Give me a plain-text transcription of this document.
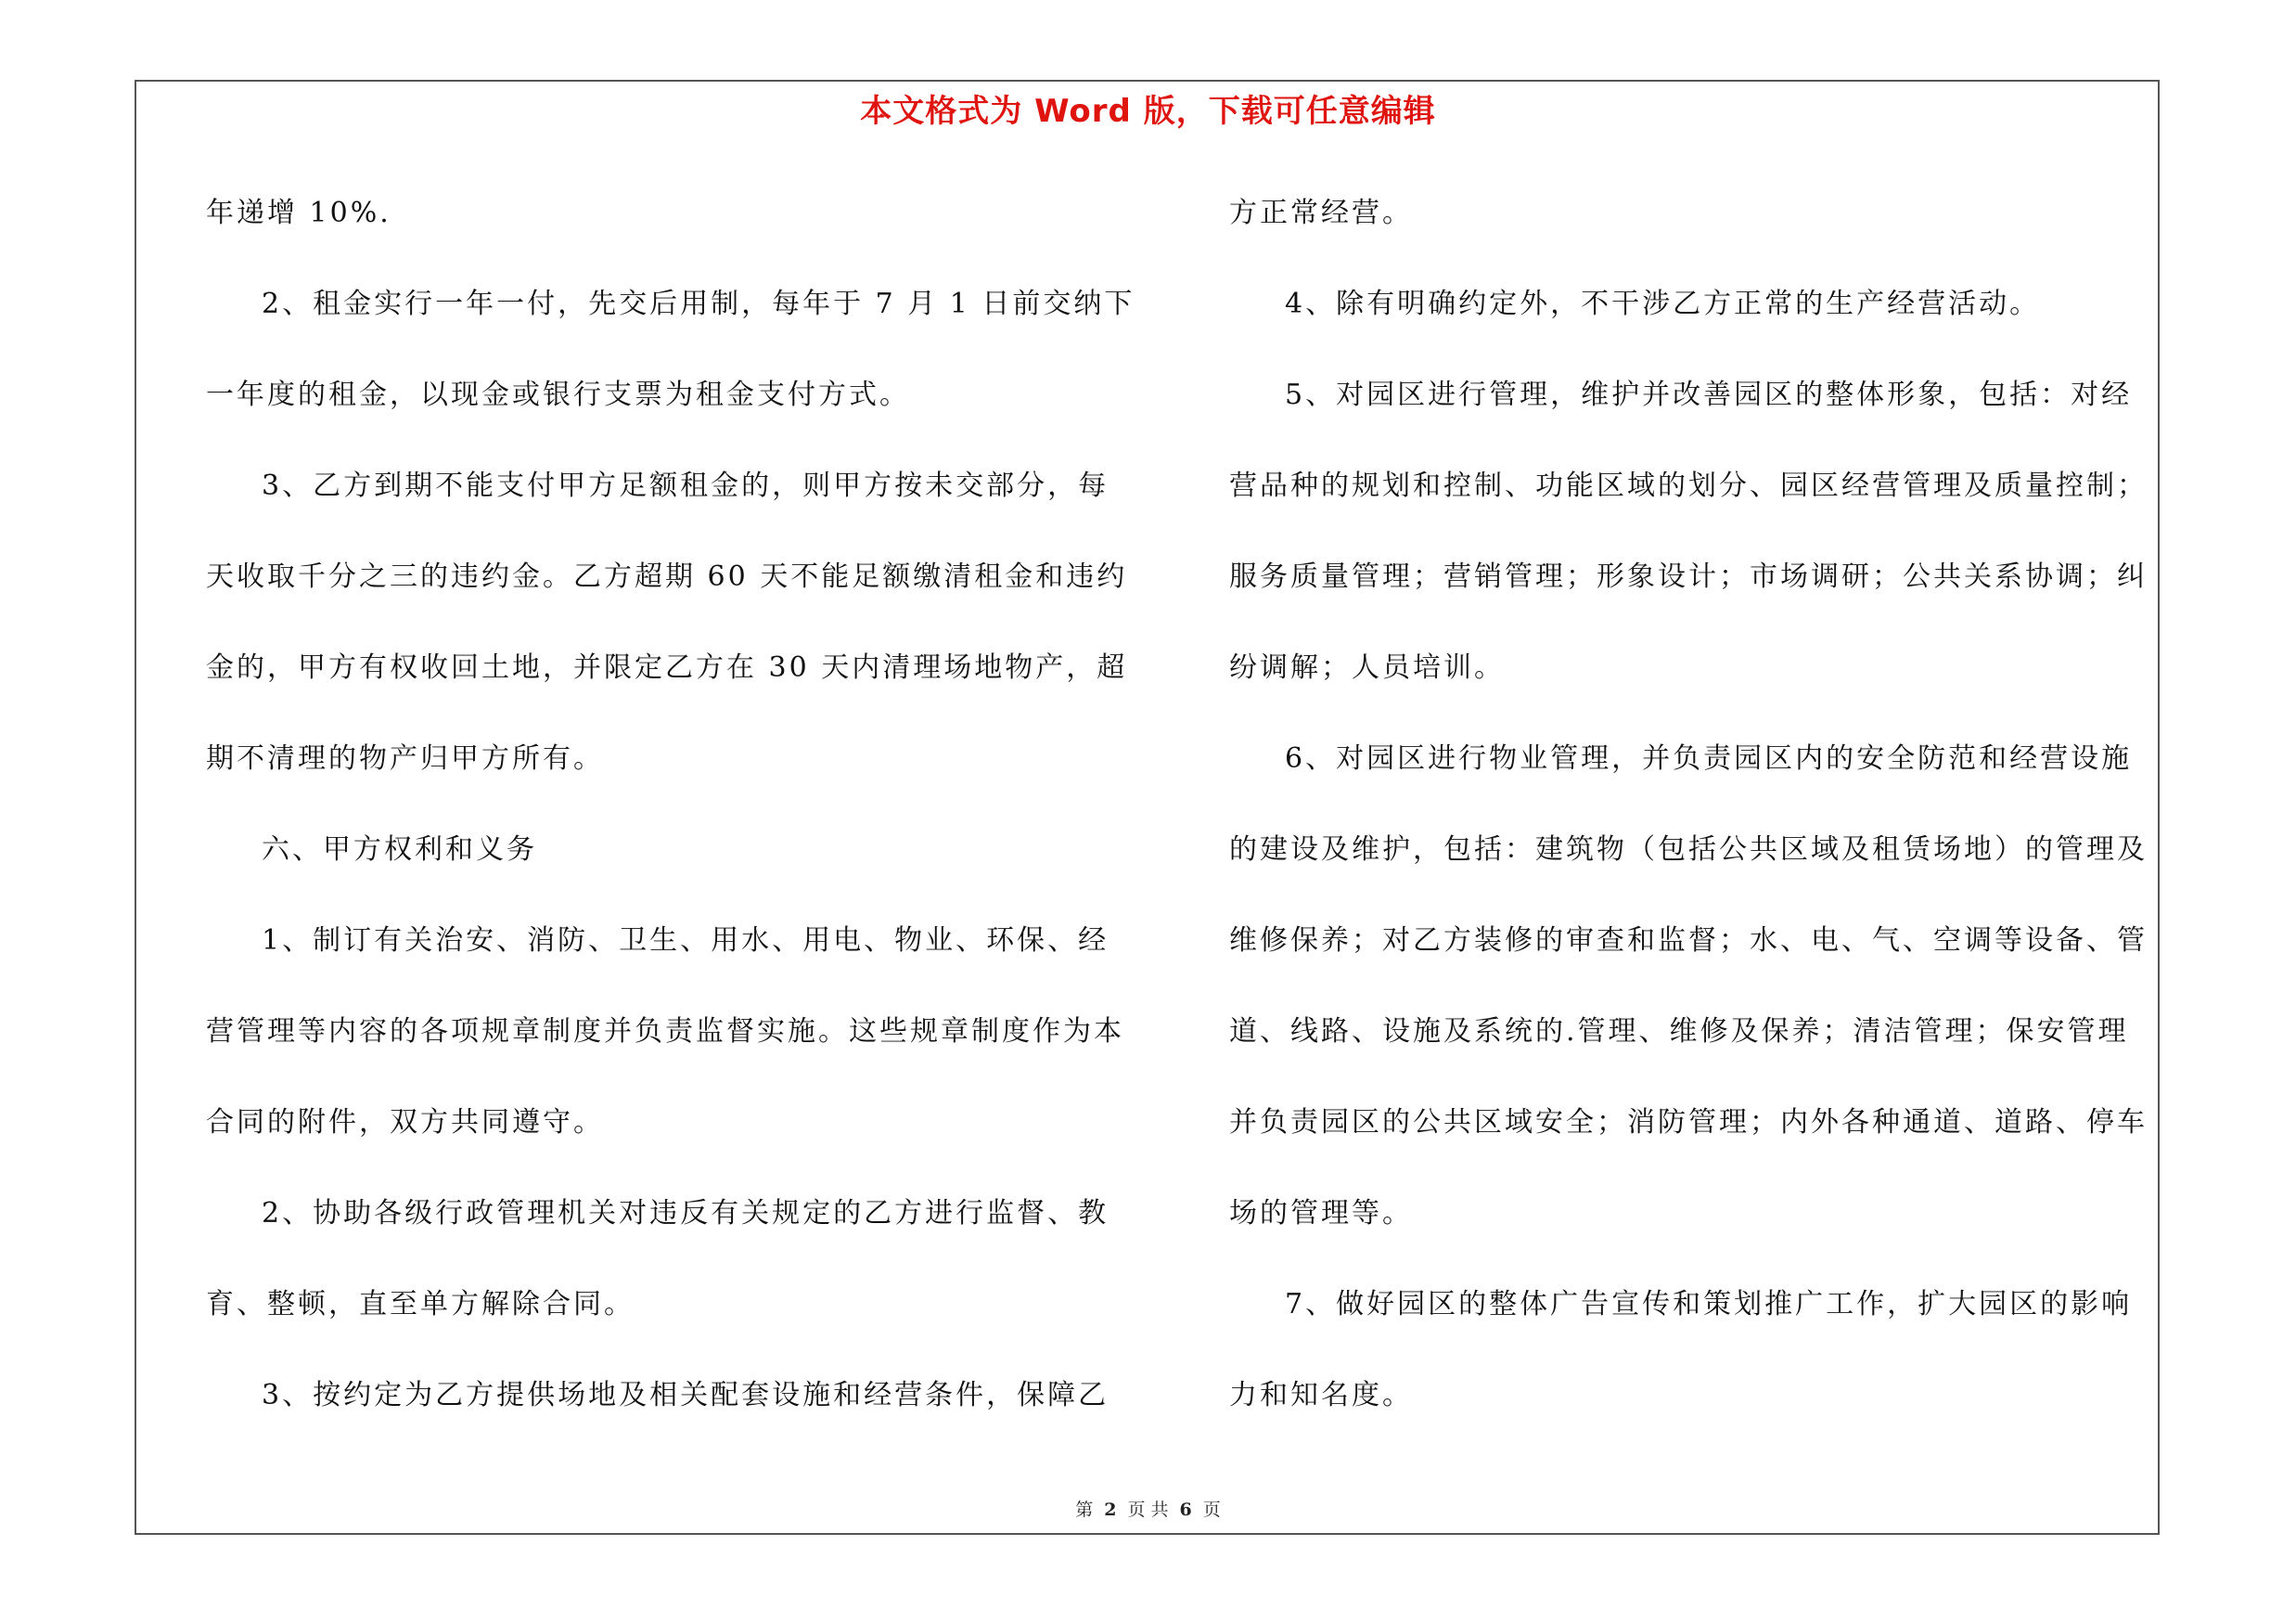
本文格式为 Word 版，下载可任意编辑
年递增 10%.
2、租金实行一年一付，先交后用制，每年于 7 月 1 日前交纳下
一年度的租金，以现金或银行支票为租金支付方式。
3、乙方到期不能支付甲方足额租金的，则甲方按未交部分，每
天收取千分之三的违约金。乙方超期 60 天不能足额缴清租金和违约
金的，甲方有权收回土地，并限定乙方在 30 天内清理场地物产，超
期不清理的物产归甲方所有。
六、甲方权利和义务
1、制订有关治安、消防、卫生、用水、用电、物业、环保、经
营管理等内容的各项规章制度并负责监督实施。这些规章制度作为本
合同的附件，双方共同遵守。
2、协助各级行政管理机关对违反有关规定的乙方进行监督、教
育、整顿，直至单方解除合同。
3、按约定为乙方提供场地及相关配套设施和经营条件，保障乙
方正常经营。
4、除有明确约定外，不干涉乙方正常的生产经营活动。
5、对园区进行管理，维护并改善园区的整体形象，包括：对经
营品种的规划和控制、功能区域的划分、园区经营管理及质量控制；
服务质量管理；营销管理；形象设计；市场调研；公共关系协调；纠
纷调解；人员培训。
6、对园区进行物业管理，并负责园区内的安全防范和经营设施
的建设及维护，包括：建筑物（包括公共区域及租赁场地）的管理及
维修保养；对乙方装修的审查和监督；水、电、气、空调等设备、管
道、线路、设施及系统的.管理、维修及保养；清洁管理；保安管理
并负责园区的公共区域安全；消防管理；内外各种通道、道路、停车
场的管理等。
7、做好园区的整体广告宣传和策划推广工作，扩大园区的影响
力和知名度。
第 2 页 共 6 页
